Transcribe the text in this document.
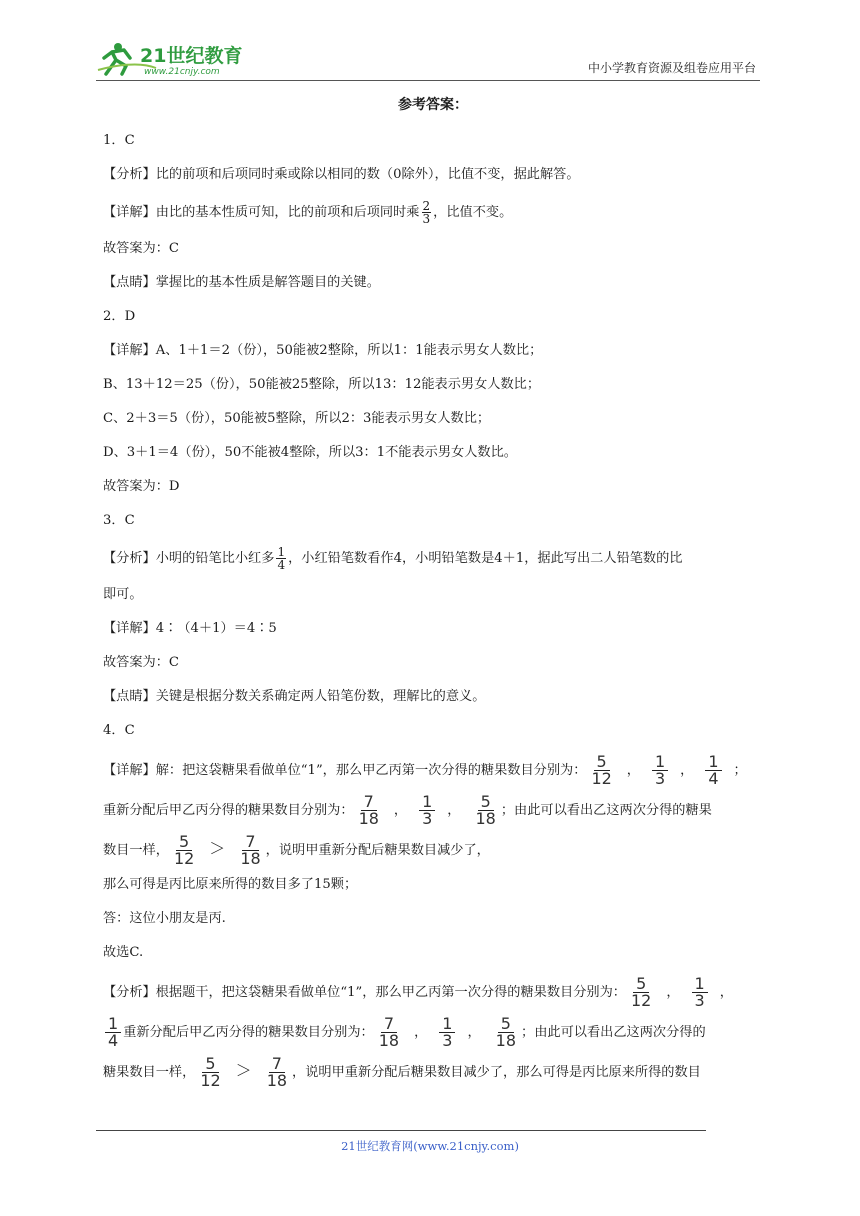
21世纪教育
www.21cnjy.com	中小学教育资源及组卷应用平台
参考答案：

1．C

【分析】比的前项和后项同时乘或除以相同的数（0除外），比值不变，据此解答。

【详解】由比的基本性质可知，比的前项和后项同时乘 $\frac{2}{3}$ ，比值不变。

故答案为：C

【点睛】掌握比的基本性质是解答题目的关键。

2．D

【详解】A、1＋1＝2（份），50能被2整除，所以1：1能表示男女人数比；

B、13＋12＝25（份），50能被25整除，所以13：12能表示男女人数比；

C、2＋3＝5（份），50能被5整除，所以2：3能表示男女人数比；

D、3＋1＝4（份），50不能被4整除，所以3：1不能表示男女人数比。

故答案为：D

3．C

【分析】小明的铅笔比小红多 $\frac{1}{4}$ ，小红铅笔数看作4，小明铅笔数是4＋1，据此写出二人铅笔数的比

即可。

【详解】4∶（4＋1）＝4∶5

故答案为：C

【点睛】关键是根据分数关系确定两人铅笔份数，理解比的意义。

4．C

【详解】解：把这袋糖果看做单位“1”，那么甲乙丙第一次分得的糖果数目分别为： $\frac{5}{12}$ ， $\frac{1}{3}$ ， $\frac{1}{4}$ ；

重新分配后甲乙丙分得的糖果数目分别为： $\frac{7}{18}$ ， $\frac{1}{3}$ ， $\frac{5}{18}$ ；由此可以看出乙这两次分得的糖果

数目一样， $\frac{5}{12} > \frac{7}{18}$ ，说明甲重新分配后糖果数目减少了，

那么可得是丙比原来所得的数目多了15颗；

答：这位小朋友是丙.

故选C.

【分析】根据题干，把这袋糖果看做单位“1”，那么甲乙丙第一次分得的糖果数目分别为： $\frac{5}{12}$ ， $\frac{1}{3}$ ，

$\frac{1}{4}$ 重新分配后甲乙丙分得的糖果数目分别为： $\frac{7}{18}$ ， $\frac{1}{3}$ ， $\frac{5}{18}$ ；由此可以看出乙这两次分得的

糖果数目一样， $\frac{5}{12} > \frac{7}{18}$ ，说明甲重新分配后糖果数目减少了，那么可得是丙比原来所得的数目

21世纪教育网(www.21cnjy.com)
